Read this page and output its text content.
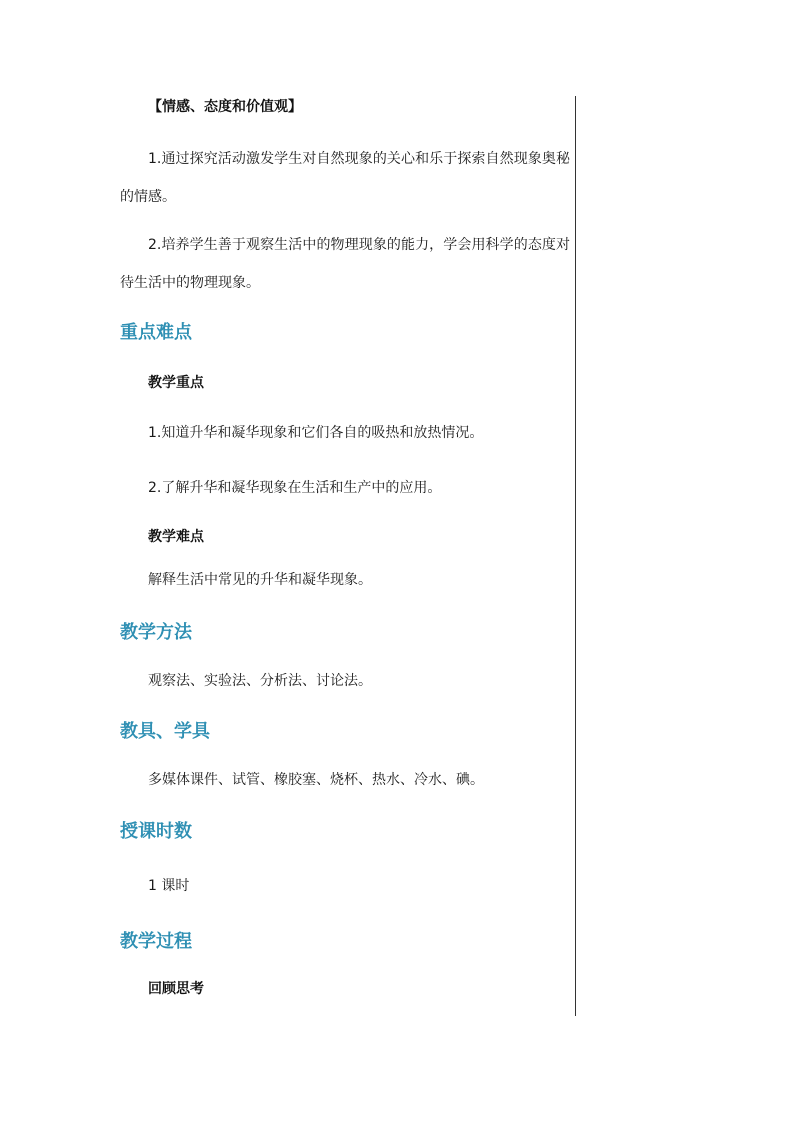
【情感、态度和价值观】

1.通过探究活动激发学生对自然现象的关心和乐于探索自然现象奥秘的情感。

2.培养学生善于观察生活中的物理现象的能力，学会用科学的态度对待生活中的物理现象。

重点难点
教学重点
1.知道升华和凝华现象和它们各自的吸热和放热情况。
2.了解升华和凝华现象在生活和生产中的应用。
教学难点
解释生活中常见的升华和凝华现象。
教学方法
观察法、实验法、分析法、讨论法。
教具、学具
多媒体课件、试管、橡胶塞、烧杯、热水、冷水、碘。
授课时数
1 课时
教学过程
回顾思考
